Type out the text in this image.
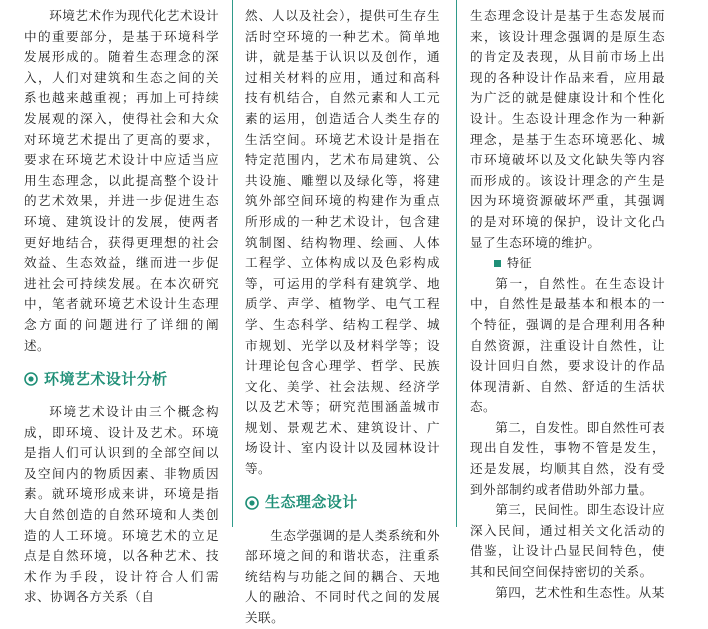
环境艺术作为现代化艺术设计中的重要部分，是基于环境科学发展形成的。随着生态理念的深入，人们对建筑和生态之间的关系也越来越重视；再加上可持续发展观的深入，使得社会和大众对环境艺术提出了更高的要求，要求在环境艺术设计中应适当应用生态理念，以此提高整个设计的艺术效果，并进一步促进生态环境、建筑设计的发展，使两者更好地结合，获得更理想的社会效益、生态效益，继而进一步促进社会可持续发展。在本次研究中，笔者就环境艺术设计生态理念方面的问题进行了详细的阐述。

环境艺术设计分析

环境艺术设计由三个概念构成，即环境、设计及艺术。环境是指人们可认识到的全部空间以及空间内的物质因素、非物质因素。就环境形成来讲，环境是指大自然创造的自然环境和人类创造的人工环境。环境艺术的立足点是自然环境，以各种艺术、技术作为手段，设计符合人们需求、协调各方关系（自

然、人以及社会），提供可生存生活时空环境的一种艺术。简单地讲，就是基于认识以及创作，通过相关材料的应用，通过和高科技有机结合，自然元素和人工元素的运用，创造适合人类生存的生活空间。环境艺术设计是指在特定范围内，艺术布局建筑、公共设施、雕塑以及绿化等，将建筑外部空间环境的构建作为重点所形成的一种艺术设计，包含建筑制图、结构物理、绘画、人体工程学、立体构成以及色彩构成等，可运用的学科有建筑学、地质学、声学、植物学、电气工程学、生态科学、结构工程学、城市规划、光学以及材料学等；设计理论包含心理学、哲学、民族文化、美学、社会法规、经济学以及艺术等；研究范围涵盖城市规划、景观艺术、建筑设计、广场设计、室内设计以及园林设计等。

生态理念设计

生态学强调的是人类系统和外部环境之间的和谐状态，注重系统结构与功能之间的耦合、天地人的融洽、不同时代之间的发展关联。

生态理念设计是基于生态发展而来，该设计理念强调的是原生态的肯定及表现，从目前市场上出现的各种设计作品来看，应用最为广泛的就是健康设计和个性化设计。生态设计理念作为一种新理念，是基于生态环境恶化、城市环境破坏以及文化缺失等内容而形成的。该设计理念的产生是因为环境资源破坏严重，其强调的是对环境的保护，设计文化凸显了生态环境的维护。

特征

第一，自然性。在生态设计中，自然性是最基本和根本的一个特征，强调的是合理利用各种自然资源，注重设计自然性，让设计回归自然，要求设计的作品体现清新、自然、舒适的生活状态。

第二，自发性。即自然性可表现出自发性，事物不管是发生，还是发展，均顺其自然，没有受到外部制约或者借助外部力量。

第三，民间性。即生态设计应深入民间，通过相关文化活动的借鉴，让设计凸显民间特色，使其和民间空间保持密切的关系。

第四，艺术性和生态性。从某
